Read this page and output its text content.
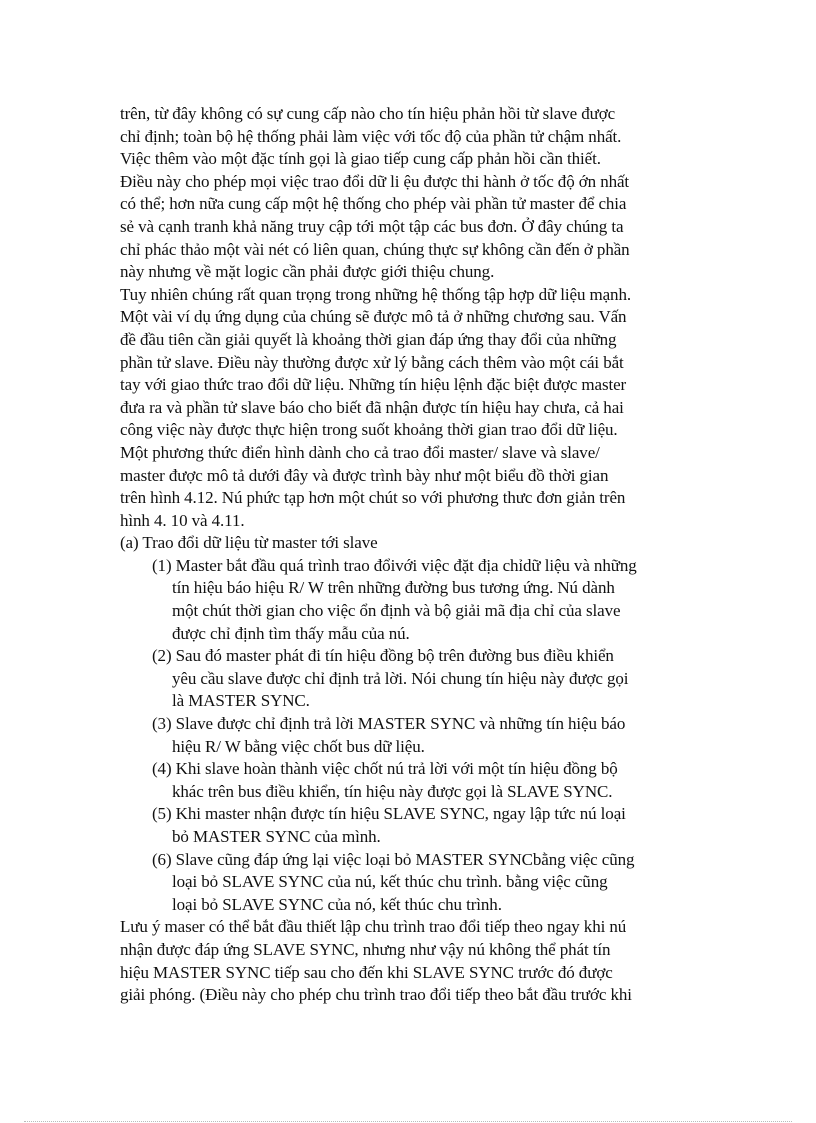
trên, từ đây không có sự cung cấp nào cho tín hiệu phản hồi từ slave được
chỉ định; toàn bộ hệ thống phải làm việc với tốc độ của phần tử chậm nhất.
Việc thêm vào một đặc tính gọi là giao tiếp cung cấp phản hồi cần thiết.
Điều này cho phép mọi việc trao đổi dữ li ệu được thi hành ở tốc độ ớn nhất
có thể; hơn nữa cung cấp một hệ thống cho phép vài phần tử master để chia
sẻ và cạnh tranh khả năng truy cập tới một tập các bus đơn. Ở đây chúng ta
chỉ phác thảo một vài nét có liên quan, chúng thực sự không cần đến ở phần
này nhưng về mặt logic cần phải được giới thiệu chung.
Tuy nhiên chúng rất quan trọng trong những hệ thống tập hợp dữ liệu mạnh.
Một vài ví dụ ứng dụng của chúng sẽ được mô tả ở những chương sau. Vấn
đề đầu tiên cần giải quyết là khoảng thời gian đáp ứng thay đổi của những
phần tử slave. Điều này thường được xử lý bằng cách thêm vào một cái bắt
tay với giao thức trao đổi dữ liệu. Những tín hiệu lệnh đặc biệt được master
đưa ra và phần tử slave báo cho biết đã nhận được tín hiệu hay chưa, cả hai
công việc này được thực hiện trong suốt khoảng thời gian trao đổi dữ liệu.
Một phương thức điển hình dành cho cả trao đổi master/ slave và slave/
master được mô tả dưới đây và được trình bày như một biểu đồ thời gian
trên hình 4.12. Nú phức tạp hơn một chút so với phương thưc đơn giản trên
hình 4. 10 và 4.11.
(a) Trao đổi dữ liệu từ master tới slave
(1) Master bắt đầu quá trình trao đổivới việc đặt địa chỉdữ liệu và những
tín hiệu báo hiệu R/ W trên những đường bus tương ứng. Nú dành
một chút thời gian cho việc ổn định và bộ giải mã địa chỉ của slave
được chỉ định tìm thấy mẫu của nú.
(2) Sau đó master phát đi tín hiệu đồng bộ trên đường bus điều khiển
yêu cầu slave được chỉ định trả lời. Nói chung tín hiệu này được gọi
là MASTER SYNC.
(3) Slave được chỉ định trả lời MASTER SYNC và những tín hiệu báo
hiệu R/ W bằng việc chốt bus dữ liệu.
(4) Khi slave hoàn thành việc chốt nú trả lời với một tín hiệu đồng bộ
khác trên bus điều khiển, tín hiệu này được gọi là SLAVE SYNC.
(5) Khi master nhận được tín hiệu SLAVE SYNC, ngay lập tức nú loại
bỏ MASTER SYNC của mình.
(6) Slave cũng đáp ứng lại việc loại bỏ MASTER SYNCbằng việc cũng
loại bỏ SLAVE SYNC của nú, kết thúc chu trình. bằng việc cũng
loại bỏ SLAVE SYNC của nó, kết thúc chu trình.
Lưu ý maser có thể bắt đầu thiết lập chu trình trao đổi tiếp theo ngay khi nú
nhận được đáp ứng SLAVE SYNC, nhưng như vậy nú không thể phát tín
hiệu MASTER SYNC tiếp sau cho đến khi SLAVE SYNC trước đó được
giải phóng. (Điều này cho phép chu trình trao đổi tiếp theo bắt đầu trước khi
